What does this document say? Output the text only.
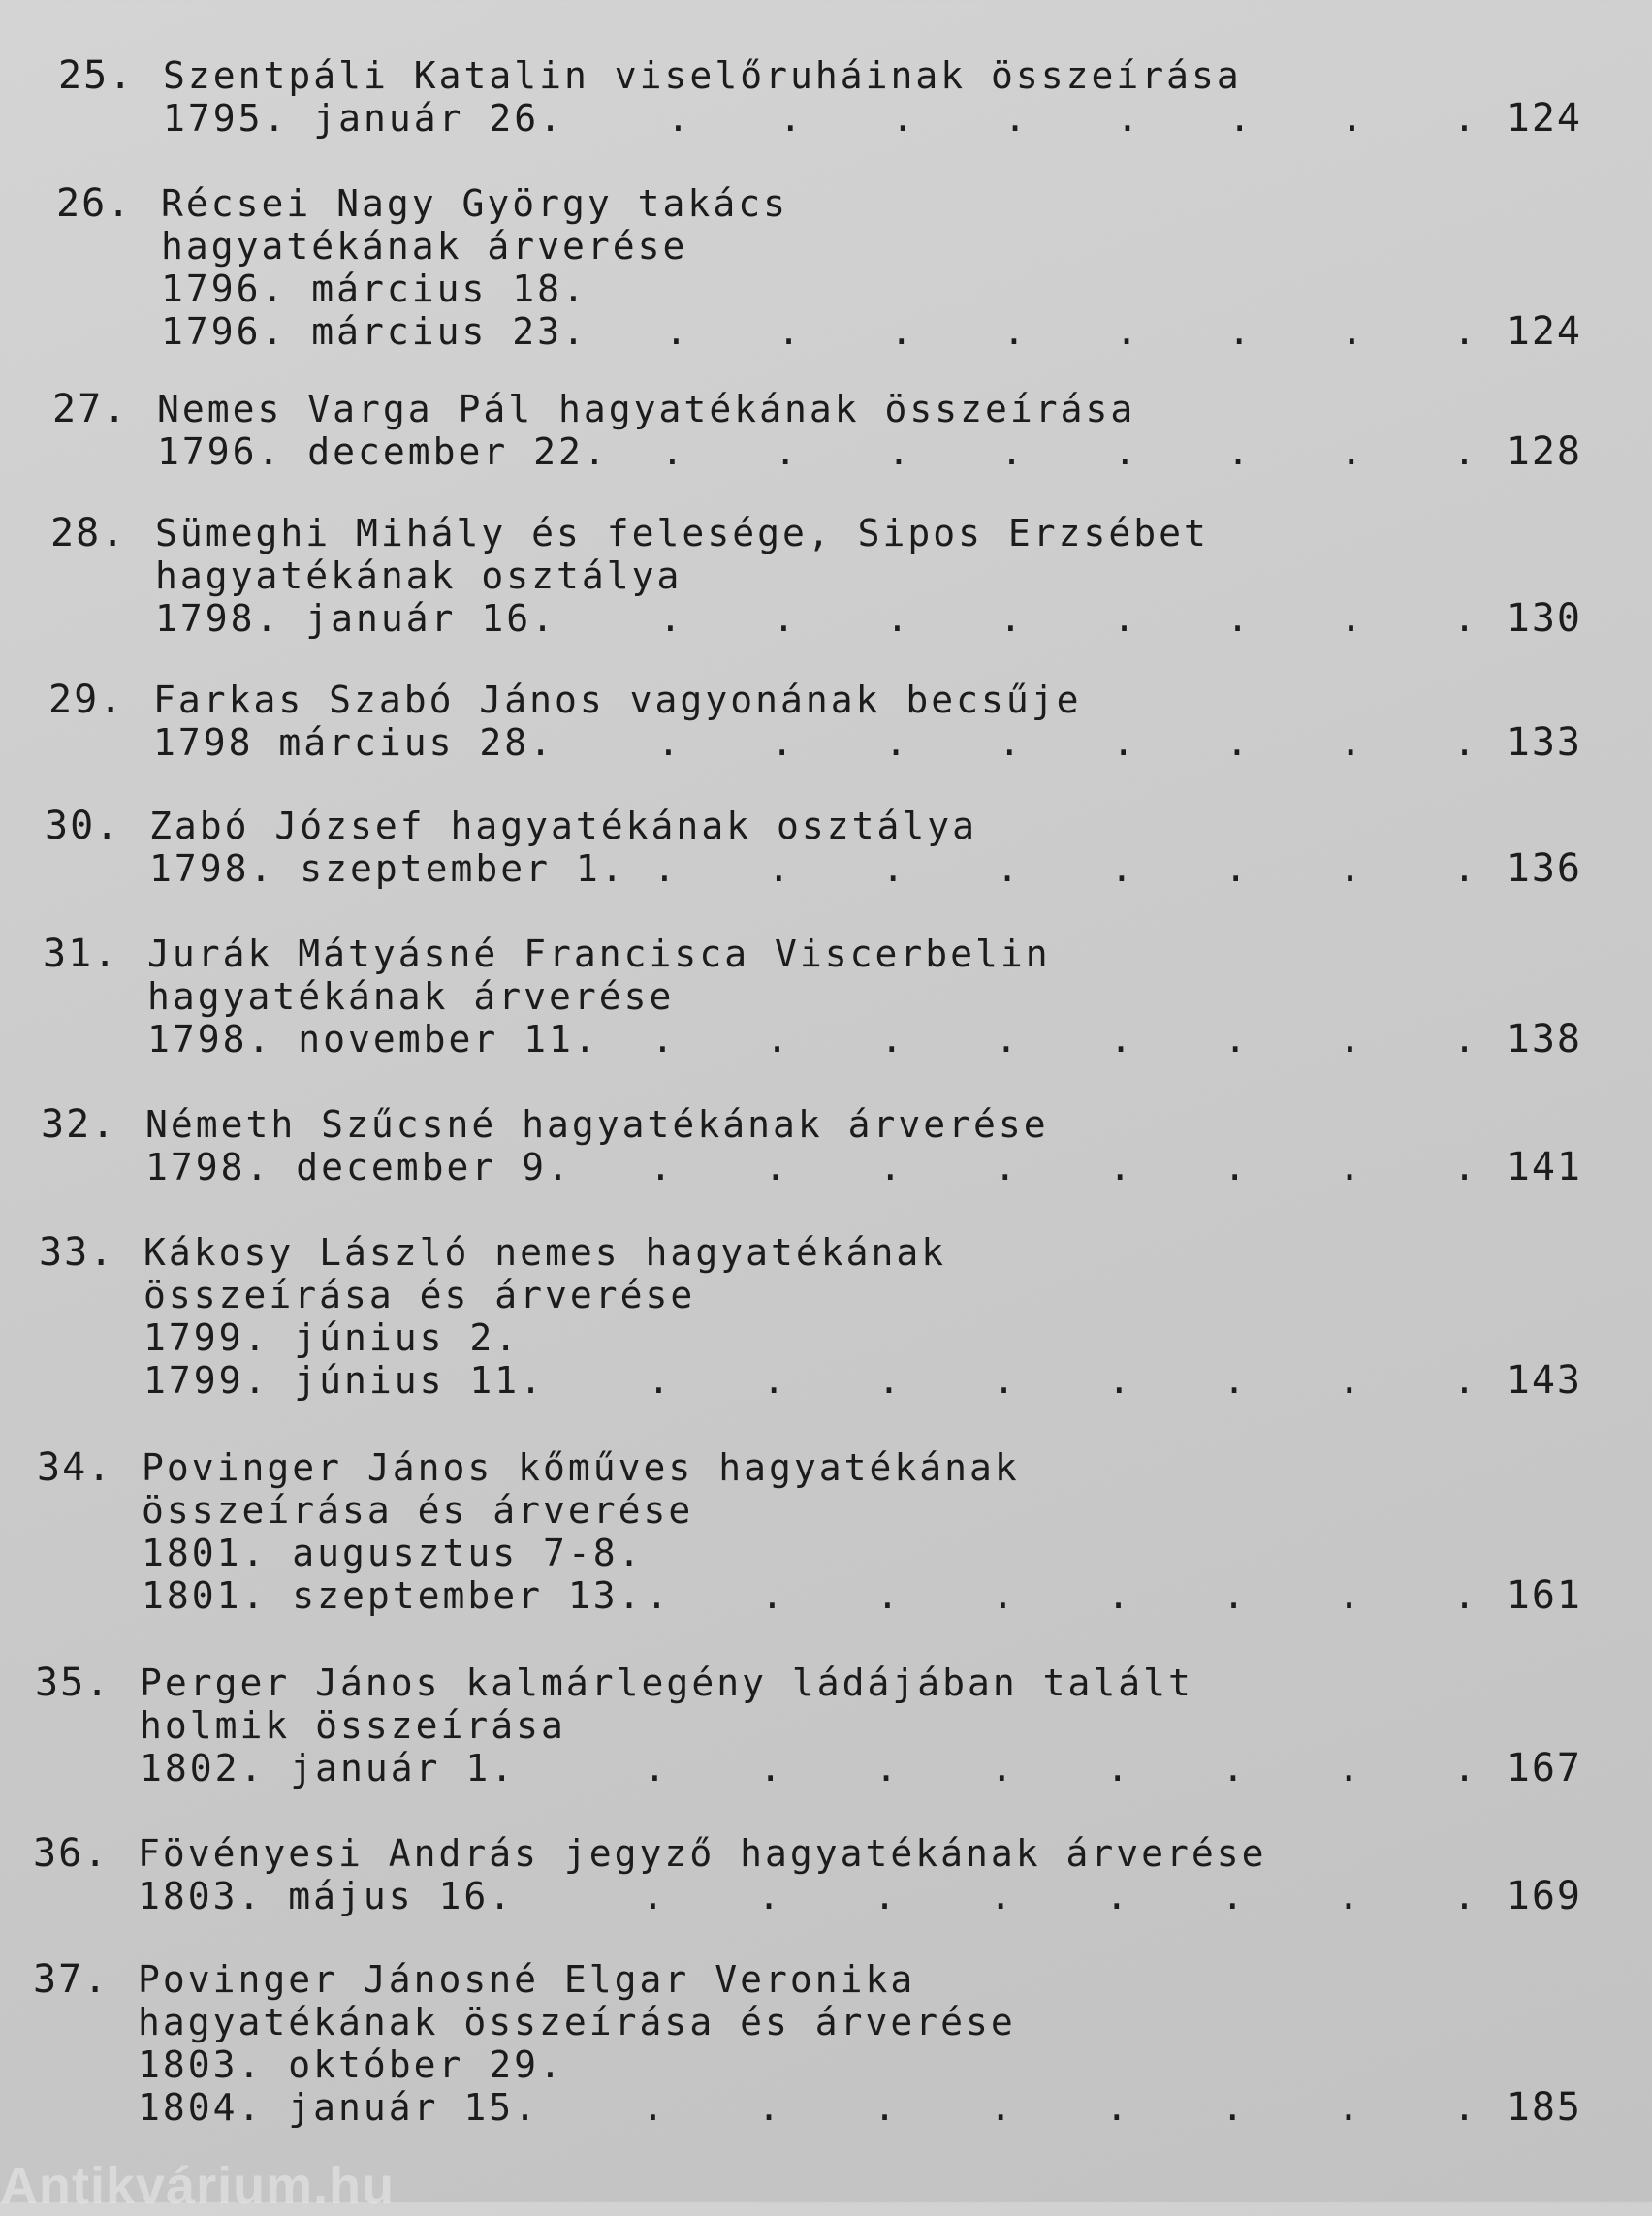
25. Szentpáli Katalin viselőruháinak összeírása
1795. január 26.	. . . . . . . . 124
26. Récsei Nagy György takács
hagyatékának árverése
1796. március 18.
1796. március 23. . . . . . . . . 124
27. Nemes Varga Pál hagyatékának összeírása
1796. december 22. . . . . . . . . 128
28. Sümeghi Mihály és felesége, Sipos Erzsébet
hagyatékának osztálya
1798. január 16.	. . . . . . . . 130
29. Farkas Szabó János vagyonának becsűje
1798 március 28.	. . . . . . . . 133
30. Zabó József hagyatékának osztálya
1798. szeptember 1. . . . . . . . . 136
31. Jurák Mátyásné Francisca Viscerbelin
hagyatékának árverése
1798. november 11. .	.	.	.	.	.	.	. 138
32. Németh Szűcsné hagyatékának árverése
1798. december 9. .	.	.	.	.	.	.	. 141
33. Kákosy László nemes hagyatékának
összeírása és árverése
1799. június 2.
1799. június 11.	.	.	.	.	.	.	.	. 143
34. Povinger János kőműves hagyatékának
összeírása és árverése
1801. augusztus 7-8.
1801. szeptember 13. .	.	.	.	.	.	.	. 161
35. Perger János kalmárlegény ládájában talált
holmik összeírása
1802. január 1.	.	.	.	.	.	.	.	. 167
36. Fövényesi András jegyző hagyatékának árverése
1803. május 16.	.	.	.	.	.	.	.	. 169
37. Povinger Jánosné Elgar Veronika
hagyatékának összeírása és árverése
1803. október 29.
1804. január 15.	.	.	.	.	.	.	.	. 185
Antikvárium.hu
